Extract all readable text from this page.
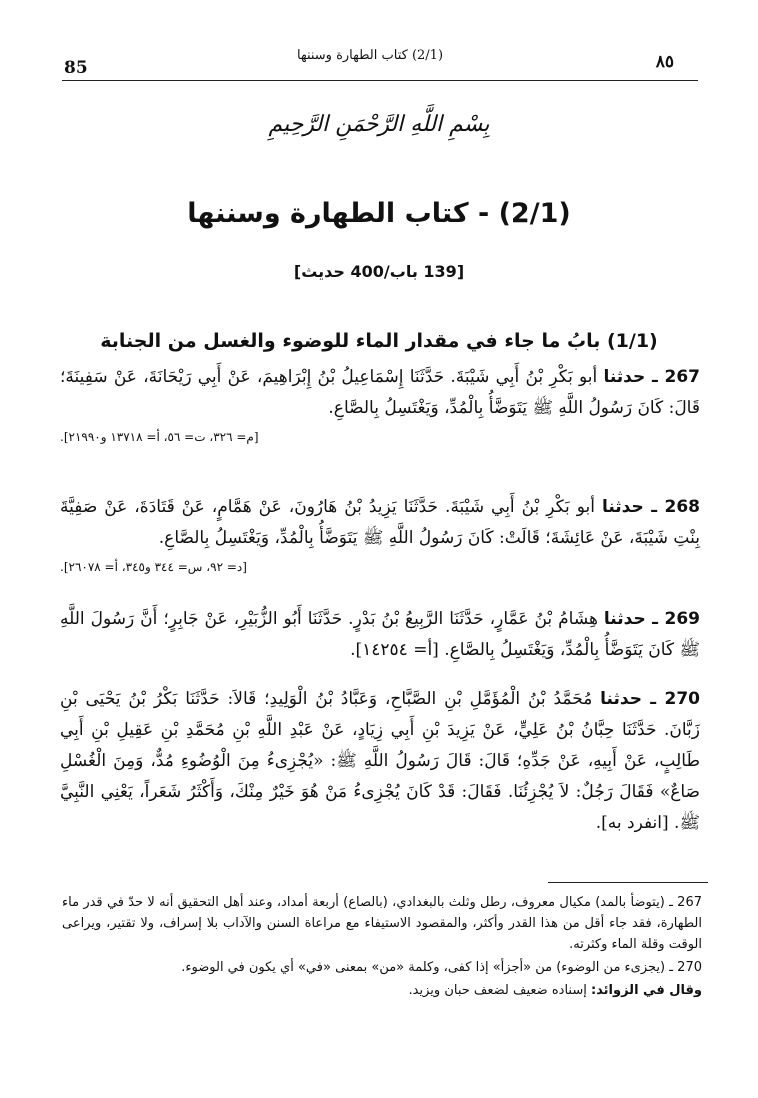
85
(2/1) كتاب الطهارة وسننها	٨٥
بِسْمِ اللَّهِ الرَّحْمَنِ الرَّحِيمِ
(2/1) - كتاب الطهارة وسننها
[139 باب/400 حديث]
(1/1) بابُ ما جاء في مقدار الماء للوضوء والغسل من الجنابة
267 ـ حدثنا أبو بَكْرِ بْنُ أَبِي شَيْبَةَ. حَدَّثَنَا إِسْمَاعِيلُ بْنُ إِبْرَاهِيمَ، عَنْ أَبِي رَيْحَانَةَ، عَنْ سَفِينَةَ؛ قَالَ: كَانَ رَسُولُ اللَّهِ ﷺ يَتَوَضَّأُ بِالْمُدِّ، وَيَغْتَسِلُ بِالصَّاعِ.
[م= ٣٢٦، ت= ٥٦، أ= ١٣٧١٨ و٢١٩٩٠].
268 ـ حدثنا أبو بَكْرِ بْنُ أَبِي شَيْبَةَ. حَدَّثَنَا يَزِيدُ بْنُ هَارُونَ، عَنْ هَمَّامٍ، عَنْ قَتَادَةَ، عَنْ صَفِيَّةَ بِنْتِ شَيْبَةَ، عَنْ عَائِشَةَ؛ قَالَتْ: كَانَ رَسُولُ اللَّهِ ﷺ يَتَوَضَّأُ بِالْمُدِّ، وَيَغْتَسِلُ بِالصَّاعِ.
[د= ٩٢، س= ٣٤٤ و٣٤٥، أ= ٢٦٠٧٨].
269 ـ حدثنا هِشَامُ بْنُ عَمَّارٍ، حَدَّثَنَا الرَّبِيعُ بْنُ بَدْرٍ. حَدَّثَنَا أَبُو الزُّبَيْرِ، عَنْ جَابِرٍ؛ أَنَّ رَسُولَ اللَّهِ ﷺ كَانَ يَتَوَضَّأُ بِالْمُدِّ، وَيَغْتَسِلُ بِالصَّاعِ. [أ= ١٤٢٥٤].
270 ـ حدثنا مُحَمَّدُ بْنُ الْمُؤَمَّلِ بْنِ الصَّبَّاحِ، وَعَبَّادُ بْنُ الْوَلِيدِ؛ قَالاَ: حَدَّثَنَا بَكْرُ بْنُ يَحْيَى بْنِ زَبَّانَ. حَدَّثَنَا حِبَّانُ بْنُ عَلِيٍّ، عَنْ يَزِيدَ بْنِ أَبِي زِيَادٍ، عَنْ عَبْدِ اللَّهِ بْنِ مُحَمَّدِ بْنِ عَقِيلِ بْنِ أَبِي طَالِبٍ، عَنْ أَبِيهِ، عَنْ جَدِّهِ؛ قَالَ: قَالَ رَسُولُ اللَّهِ ﷺ: «يُجْزِىءُ مِنَ الْوُضُوءِ مُدٌّ، وَمِنَ الْغُسْلِ صَاعٌ» فَقَالَ رَجُلٌ: لاَ يُجْزِئُنَا. فَقَالَ: قَدْ كَانَ يُجْزِىءُ مَنْ هُوَ خَيْرٌ مِنْكَ، وَأَكْثَرُ شَعَراً، يَعْنِي النَّبِيَّ ﷺ. [انفرد به].

267 ـ (يتوضأ بالمد) مكيال معروف، رطل وثلث بالبغدادي، (بالصاع) أربعة أمداد، وعند أهل التحقيق أنه لا حدّ في قدر ماء الطهارة، فقد جاء أقل من هذا القدر وأكثر، والمقصود الاستيفاء مع مراعاة السنن والآداب بلا إسراف، ولا تقتير، ويراعى الوقت وقلة الماء وكثرته.

270 ـ (يجزىء من الوضوء) من «أجزأ» إذا كفى، وكلمة «من» بمعنى «في» أي يكون في الوضوء.

وقال في الزوائد: إسناده ضعيف لضعف حبان ويزيد.
